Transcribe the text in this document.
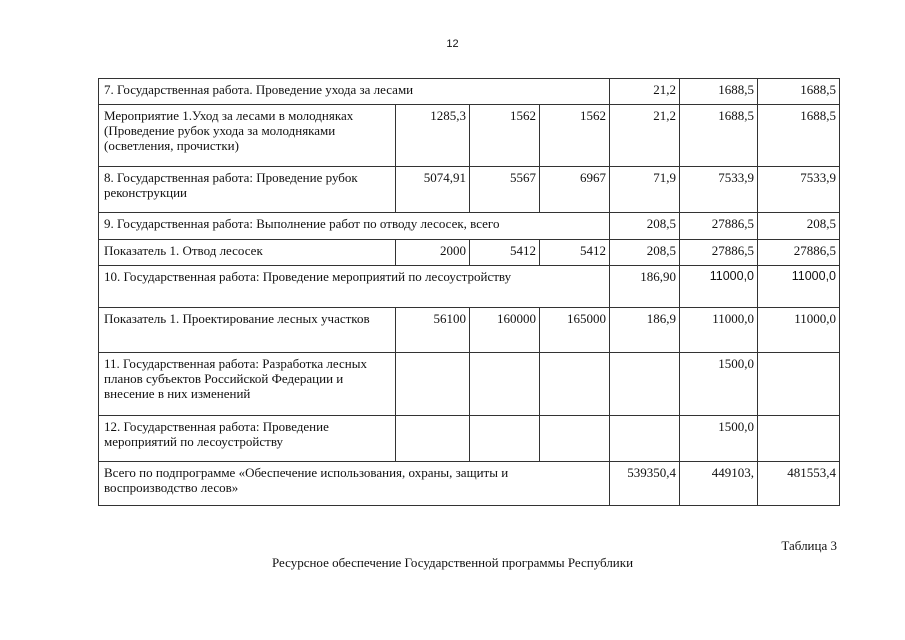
12
7. Государственная работа. Проведение ухода за лесами				21,2	1688,5	1688,5
Мероприятие 1.Уход за лесами в молодняках (Проведение рубок ухода за молодняками (осветления, прочистки)	1285,3	1562	1562	21,2	1688,5	1688,5
8. Государственная работа: Проведение рубок реконструкции	5074,91	5567	6967	71,9	7533,9	7533,9
9. Государственная работа: Выполнение работ по отводу лесосек, всего				208,5	27886,5	208,5
Показатель 1. Отвод лесосек	2000	5412	5412	208,5	27886,5	27886,5
10. Государственная работа: Проведение мероприятий по лесоустройству				186,90	11000,0	11000,0
Показатель 1. Проектирование лесных участков	56100	160000	165000	186,9	11000,0	11000,0
11. Государственная работа: Разработка лесных планов субъектов Российской Федерации и внесение в них изменений					1500,0	
12. Государственная работа: Проведение мероприятий по лесоустройству					1500,0	
Всего по подпрограмме «Обеспечение использования, охраны, защиты и воспроизводство лесов»				539350,4	449103,	481553,4
Таблица 3
Ресурсное обеспечение Государственной программы Республики
